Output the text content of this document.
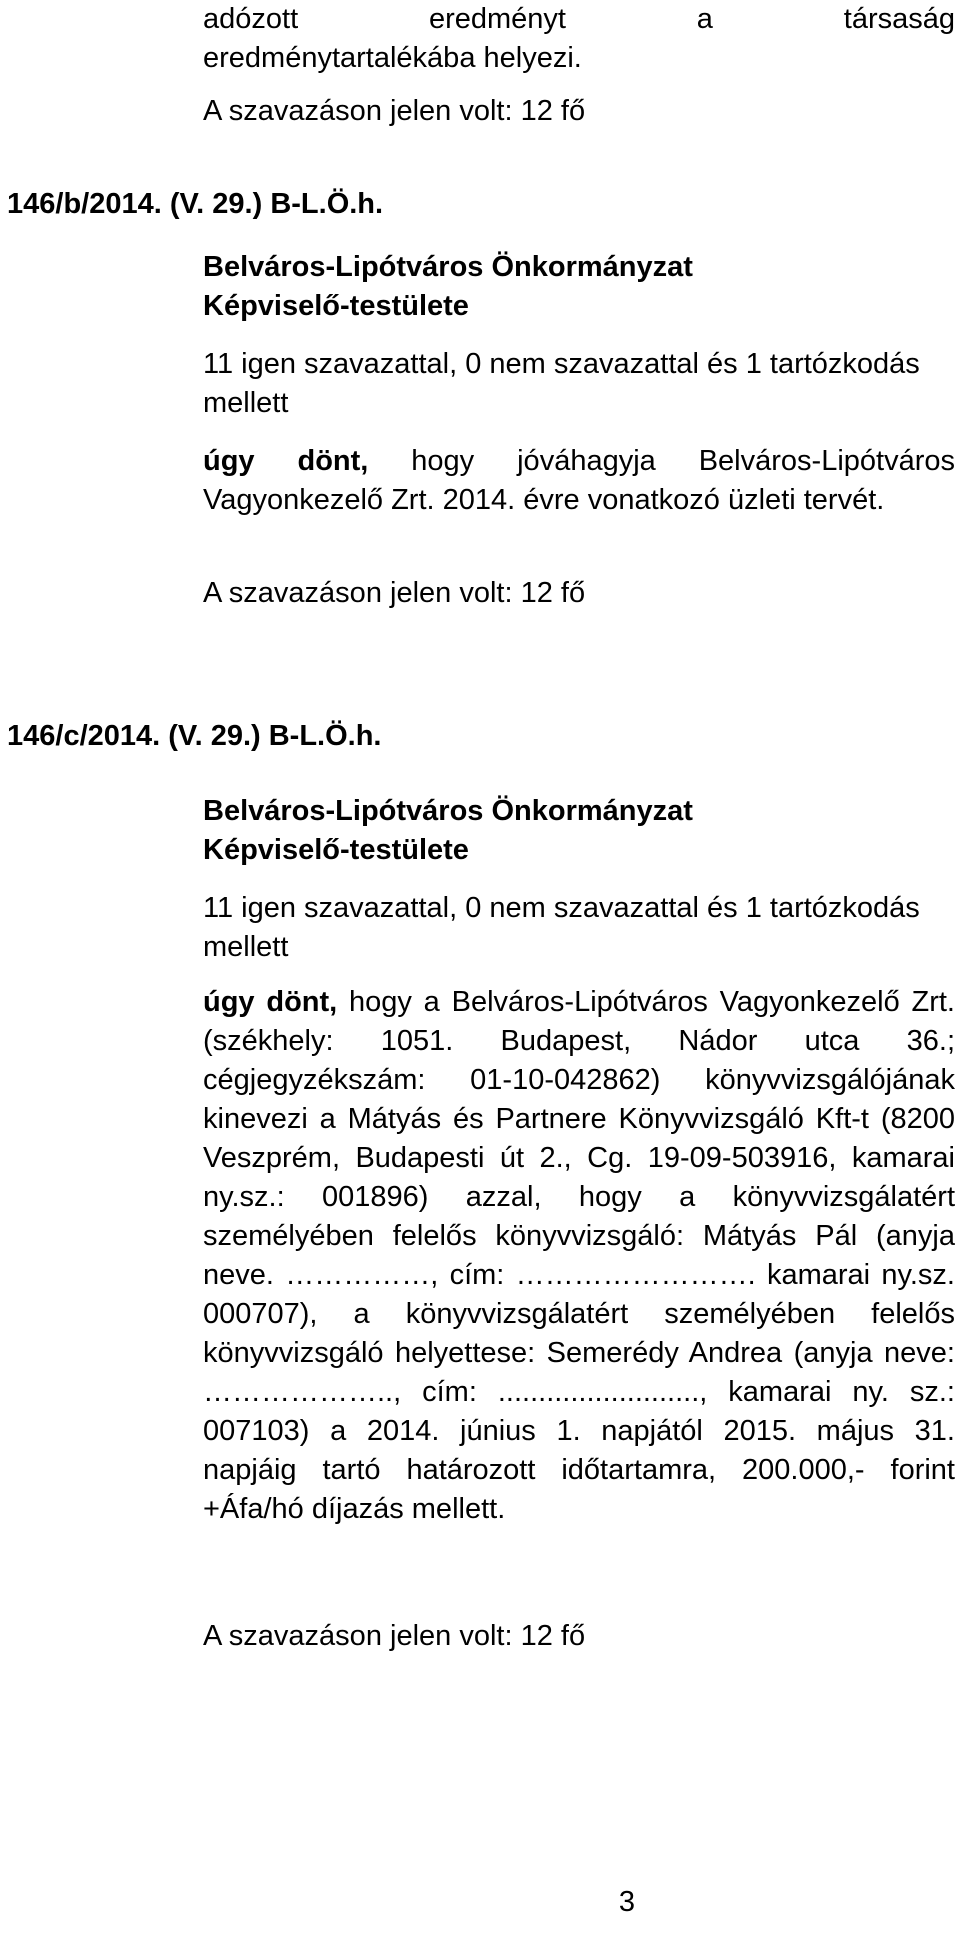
adózott eredményt a társaság

eredménytartalékába helyezi.

A szavazáson jelen volt: 12 fő

146/b/2014. (V. 29.) B-L.Ö.h.

Belváros-Lipótváros Önkormányzat

Képviselő-testülete

11 igen szavazattal, 0 nem szavazattal és 1 tartózkodás mellett

úgy dönt, hogy jóváhagyja Belváros-Lipótváros Vagyonkezelő Zrt. 2014. évre vonatkozó üzleti tervét.

A szavazáson jelen volt: 12 fő

146/c/2014. (V. 29.) B-L.Ö.h.

Belváros-Lipótváros Önkormányzat

Képviselő-testülete

11 igen szavazattal, 0 nem szavazattal és 1 tartózkodás mellett

úgy dönt, hogy a Belváros-Lipótváros Vagyonkezelő Zrt. (székhely: 1051. Budapest, Nádor utca 36.; cégjegyzékszám: 01-10-042862) könyvvizsgálójának kinevezi a Mátyás és Partnere Könyvvizsgáló Kft-t (8200 Veszprém, Budapesti út 2., Cg. 19-09-503916, kamarai ny.sz.: 001896) azzal, hogy a könyvvizsgálatért személyében felelős könyvvizsgáló: Mátyás Pál (anyja neve. ……………, cím: ……………………. kamarai ny.sz. 000707), a könyvvizsgálatért személyében felelős könyvvizsgáló helyettese: Semerédy Andrea (anyja neve: ……………….., cím: ........................., kamarai ny. sz.: 007103) a 2014. június 1. napjától 2015. május 31. napjáig tartó határozott időtartamra, 200.000,- forint +Áfa/hó díjazás mellett.

A szavazáson jelen volt: 12 fő

3
